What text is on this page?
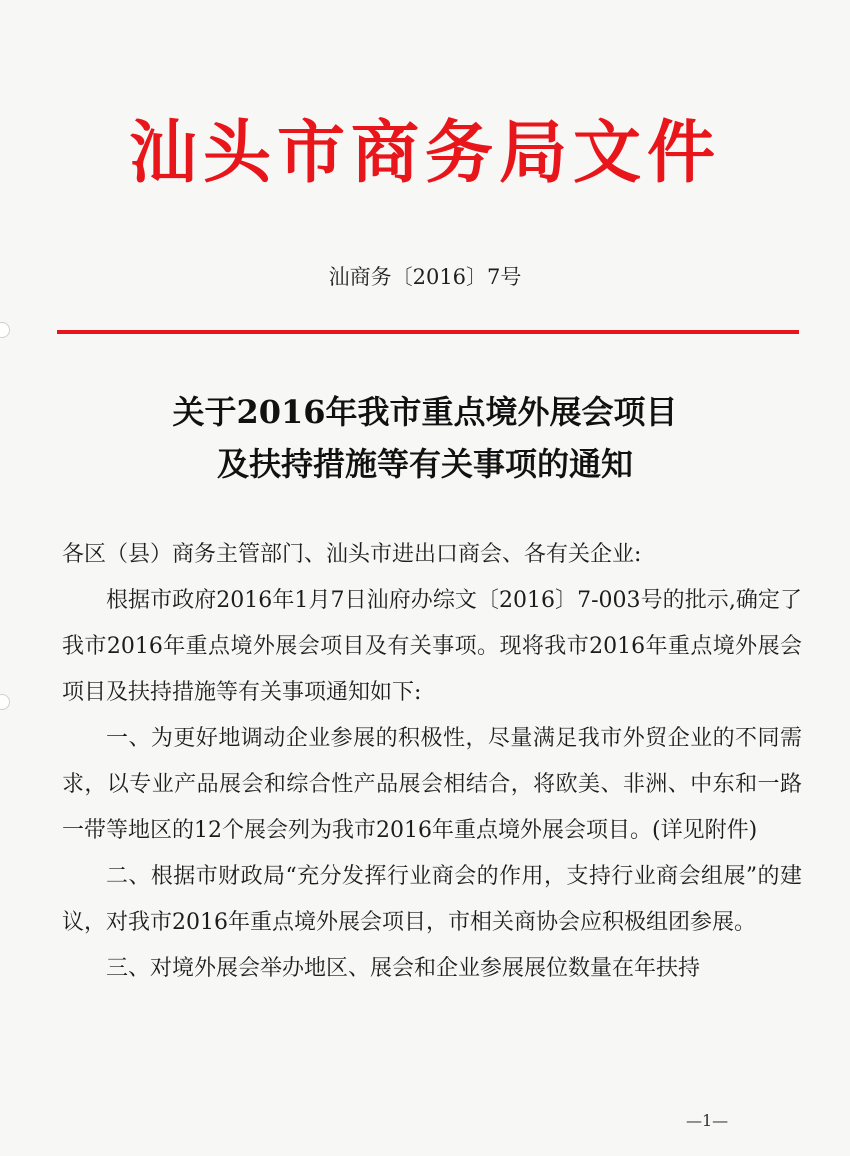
汕头市商务局文件
汕商务〔2016〕7号
关于2016年我市重点境外展会项目
及扶持措施等有关事项的通知

各区（县）商务主管部门、汕头市进出口商会、各有关企业:

根据市政府2016年1月7日汕府办综文〔2016〕7-003号的批示,确定了我市2016年重点境外展会项目及有关事项。现将我市2016年重点境外展会项目及扶持措施等有关事项通知如下:

一、为更好地调动企业参展的积极性，尽量满足我市外贸企业的不同需求，以专业产品展会和综合性产品展会相结合，将欧美、非洲、中东和一路一带等地区的12个展会列为我市2016年重点境外展会项目。(详见附件)

二、根据市财政局“充分发挥行业商会的作用，支持行业商会组展”的建议，对我市2016年重点境外展会项目，市相关商协会应积极组团参展。

三、对境外展会举办地区、展会和企业参展展位数量在年扶持

—1—
